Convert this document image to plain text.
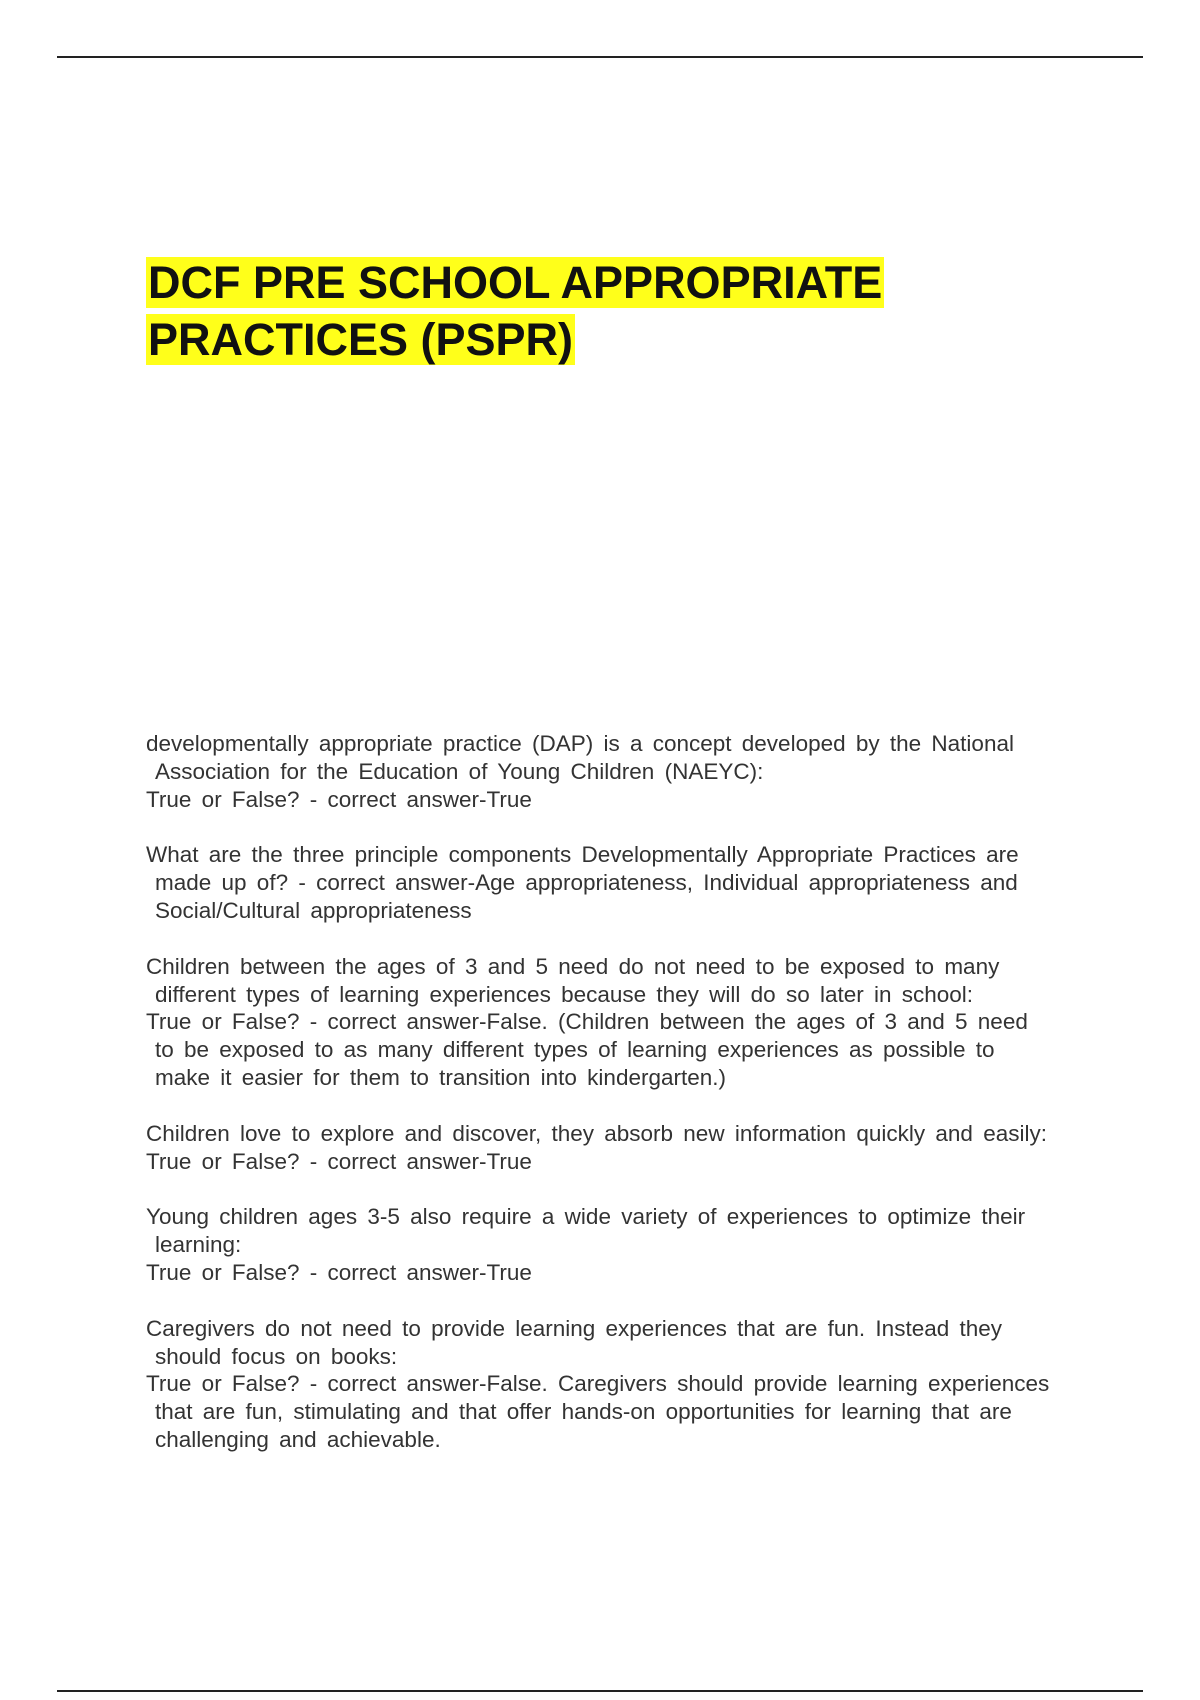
DCF PRE SCHOOL APPROPRIATE
PRACTICES (PSPR)

developmentally appropriate practice (DAP) is a concept developed by the National Association for the Education of Young Children (NAEYC):

True or False? - correct answer-True

What are the three principle components Developmentally Appropriate Practices are made up of? - correct answer-Age appropriateness, Individual appropriateness and Social/Cultural appropriateness

Children between the ages of 3 and 5 need do not need to be exposed to many different types of learning experiences because they will do so later in school:

True or False? - correct answer-False. (Children between the ages of 3 and 5 need to be exposed to as many different types of learning experiences as possible to make it easier for them to transition into kindergarten.)

Children love to explore and discover, they absorb new information quickly and easily:

True or False? - correct answer-True

Young children ages 3-5 also require a wide variety of experiences to optimize their learning:

True or False? - correct answer-True

Caregivers do not need to provide learning experiences that are fun. Instead they should focus on books:

True or False? - correct answer-False. Caregivers should provide learning experiences that are fun, stimulating and that offer hands-on opportunities for learning that are challenging and achievable.
